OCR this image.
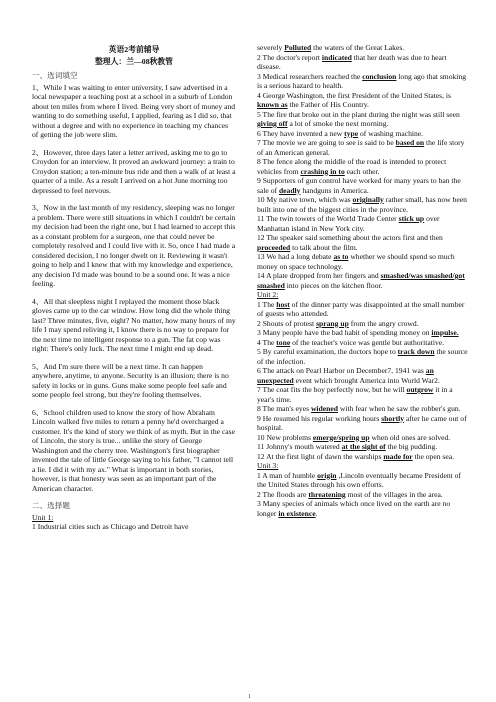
英语2考前辅导
整理人：兰—08秋教管
一、选词填空

1、While I was waiting to enter university, I saw advertised in a local newspaper a teaching post at a school in a suburb of London about ten miles from where I lived. Being very short of money and wanting to do something useful, I applied, fearing as I did so, that without a degree and with no experience in teaching my chances of getting the job were slim.

2、However, three days later a letter arrived, asking me to go to Croydon for an interview. It proved an awkward journey: a train to Croydon station; a ten-minute bus ride and then a walk of at least a quarter of a mile. As a result I arrived on a hot June morning too depressed to feel nervous.

3、Now in the last month of my residency, sleeping was no longer a problem. There were still situations in which I couldn't be certain my decision had been the right one, but I had learned to accept this as a constant problem for a surgeon, one that could never be completely resolved and I could live with it. So, once I had made a considered decision, I no longer dwelt on it. Reviewing it wasn't going to help and I knew that with my knowledge and experience, any decision I'd made was bound to be a sound one. It was a nice feeling.

4、All that sleepless night I replayed the moment those black gloves came up to the car window. How long did the whole thing last? Three minutes, five, eight? No matter, how many hours of my life I may spend reliving it, I know there is no way to prepare for the next time no intelligent response to a gun. The fat cop was right: There's only luck. The next time I might end up dead.

5、And I'm sure there will be a next time. It can happen anywhere, anytime, to anyone. Security is an illusion; there is no safety in locks or in guns. Guns make some people feel safe and some people feel strong, but they're fooling themselves.

6、School children used to know the story of how Abraham Lincoln walked five miles to return a penny he'd overcharged a customer. It's the kind of story we think of as myth. But in the case of Lincoln, the story is true... unlike the story of George Washington and the cherry tree. Washington's first biographer invented the tale of little George saying to his father, "I cannot tell a lie. I did it with my ax." What is important in both stories, however, is that honesty was seen as an important part of the American character.

二、选择题
Unit 1:
1 Industrial cities such as Chicago and Detroit have
severely Polluted the waters of the Great Lakes.
2 The doctor's report indicated that her death was due to heart disease.
3 Medical researchers reached the conclusion long ago that smoking is a serious hazard to health.
4 George Washington, the first President of the United States, is known as the Father of His Country.
5 The fire that broke out in the plant during the night was still seen giving off a lot of smoke the next morning.
6 They have invented a new type of washing machine.
7 The movie we are going to see is said to be based on the life story of an American general.
8 The fence along the middle of the road is intended to protect vehicles from crashing in to each other.
9 Supporters of gun control have worked for many years to ban the sale of deadly handguns in America.
10 My native town, which was originally rather small, has now been built into one of the biggest cities in the province.
11 The twin towers of the World Trade Center stick up over Manhattan island in New York city.
12 The speaker said something about the actors first and then proceeded to talk about the film.
13 We had a long debate as to whether we should spend so much money on space technology.
14 A plate dropped from her fingers and smashed/was smashed/got smashed into pieces on the kitchen floor.
Unit 2:
1 The host of the dinner party was disappointed at the small number of guests who attended.
2 Shouts of protest sprang up from the angry crowd.
3 Many people have the bad habit of spending money on impulse.
4 The tone of the teacher's voice was gentle but authoritative.
5 By careful examination, the doctors hope to track down the source of the infection.
6 The attack on Pearl Harbor on December7, 1941 was an unexpected event which brought America into World War2.
7 The coat fits the boy perfectly now, but he will outgrow it in a year's time.
8 The man's eyes widened with fear when he saw the robber's gun.
9 He resumed his regular working hours shortly after he came out of hospital.
10 New problems emerge/spring up when old ones are solved.
11 Johnny's mouth watered at the sight of the big pudding.
12 At the first light of dawn the warships made for the open sea.
Unit 3:
1 A man of humble origin ,Lincoln eventually became President of the United States through his own efforts.
2 The floods are threatening most of the villages in the area.
3 Many species of animals which once lived on the earth are no longer in existence.
1
